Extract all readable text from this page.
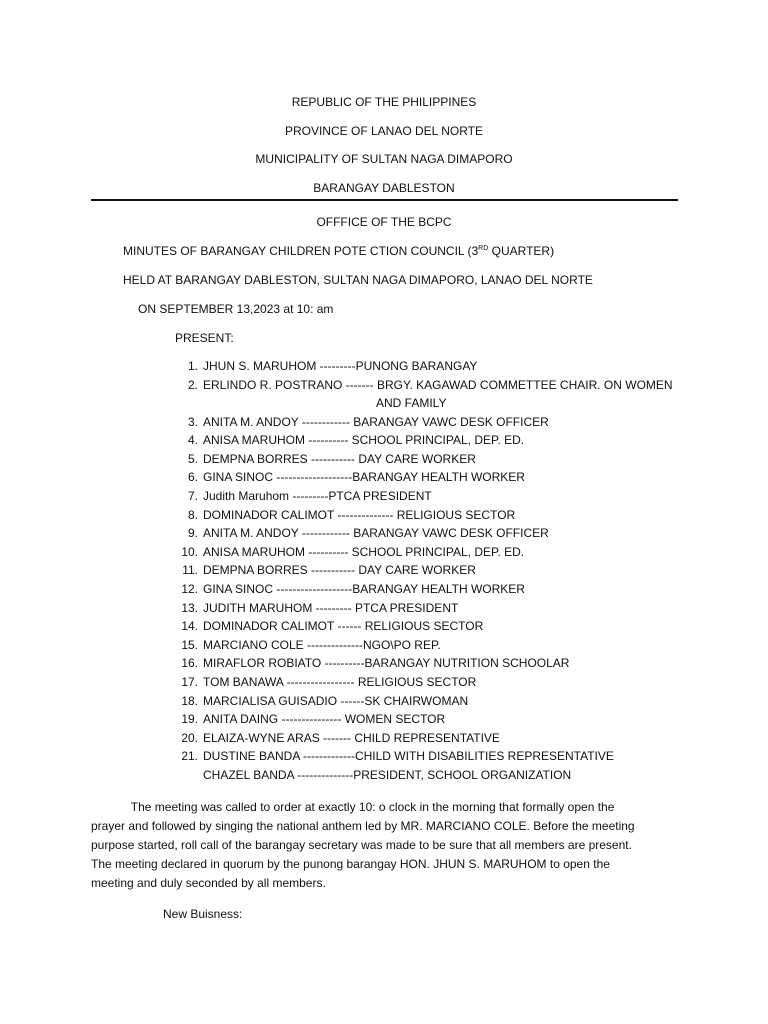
REPUBLIC OF THE PHILIPPINES
PROVINCE OF LANAO DEL NORTE
MUNICIPALITY OF SULTAN NAGA DIMAPORO
BARANGAY DABLESTON
OFFFICE OF THE BCPC
MINUTES OF BARANGAY CHILDREN POTE CTION COUNCIL (3RD QUARTER)
HELD AT BARANGAY DABLESTON, SULTAN NAGA DIMAPORO, LANAO DEL NORTE
ON SEPTEMBER 13,2023 at 10: am
PRESENT:
1. JHUN S. MARUHOM ---------PUNONG BARANGAY
2. ERLINDO R. POSTRANO ------- BRGY. KAGAWAD COMMETTEE CHAIR. ON WOMEN
AND FAMILY
3. ANITA M. ANDOY ------------ BARANGAY VAWC DESK OFFICER
4. ANISA MARUHOM ---------- SCHOOL PRINCIPAL, DEP. ED.
5. DEMPNA BORRES ----------- DAY CARE WORKER
6. GINA SINOC -------------------BARANGAY HEALTH WORKER
7. Judith Maruhom ---------PTCA PRESIDENT
8. DOMINADOR CALIMOT -------------- RELIGIOUS SECTOR
9. ANITA M. ANDOY ------------ BARANGAY VAWC DESK OFFICER
10. ANISA MARUHOM ---------- SCHOOL PRINCIPAL, DEP. ED.
11. DEMPNA BORRES ----------- DAY CARE WORKER
12. GINA SINOC -------------------BARANGAY HEALTH WORKER
13. JUDITH MARUHOM --------- PTCA PRESIDENT
14. DOMINADOR CALIMOT ------ RELIGIOUS SECTOR
15. MARCIANO COLE --------------NGO\PO REP.
16. MIRAFLOR ROBIATO ----------BARANGAY NUTRITION SCHOOLAR
17. TOM BANAWA ----------------- RELIGIOUS SECTOR
18. MARCIALISA GUISADIO ------SK CHAIRWOMAN
19. ANITA DAING --------------- WOMEN SECTOR
20. ELAIZA-WYNE ARAS ------- CHILD REPRESENTATIVE
21. DUSTINE BANDA -------------CHILD WITH DISABILITIES REPRESENTATIVE
CHAZEL BANDA --------------PRESIDENT, SCHOOL ORGANIZATION
The meeting was called to order at exactly 10: o clock in the morning that formally open the
prayer and followed by singing the national anthem led by MR. MARCIANO COLE. Before the meeting
purpose started, roll call of the barangay secretary was made to be sure that all members are present.
The meeting declared in quorum by the punong barangay HON. JHUN S. MARUHOM to open the
meeting and duly seconded by all members.
New Buisness:
